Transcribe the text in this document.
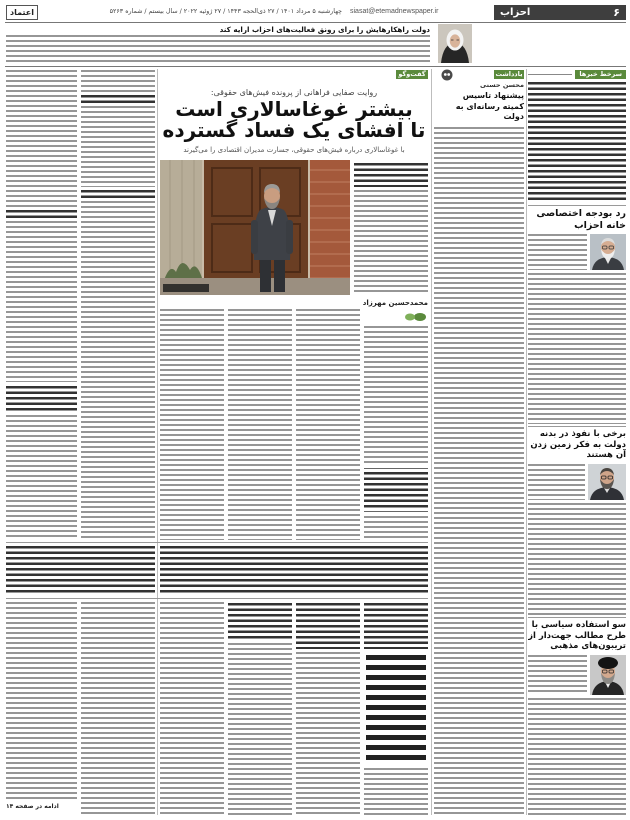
۶
احزاب
siasat@etemadnewspaper.ir
چهارشنبه ۵ مرداد ۱۴۰۱ / ۲۷ ذی‌الحجه ۱۴۴۳ / ۲۷ ژوئیه ۲۰۲۲ / سال بیستم / شماره ۵۲۶۳
اعتماد
دولت راهکارهایش را برای رونق فعالیت‌های احزاب ارایه کند
سرخط خبرها
رد بودجه اختصاصی خانه احزاب
برخی با نفوذ در بدنه دولت به فکر زمین زدن آن هستند
سو استفاده سیاسی با طرح مطالب جهت‌دار از تریبون‌های مذهبی
یادداشت
محسن حسنی
پیشنهاد تاسیس
کمیته رسانه‌ای به دولت
گفت‌وگو
روایت صفایی فراهانی از پرونده فیش‌های حقوقی:
بیشتر غوغاسالاری است
تا افشای یک فساد گسترده
با غوغاسالاری درباره فیش‌های حقوقی، جسارت مدیران اقتصادی را می‌گیرند
محمدحسین مهرزاد
ادامه در صفحه ۱۴
